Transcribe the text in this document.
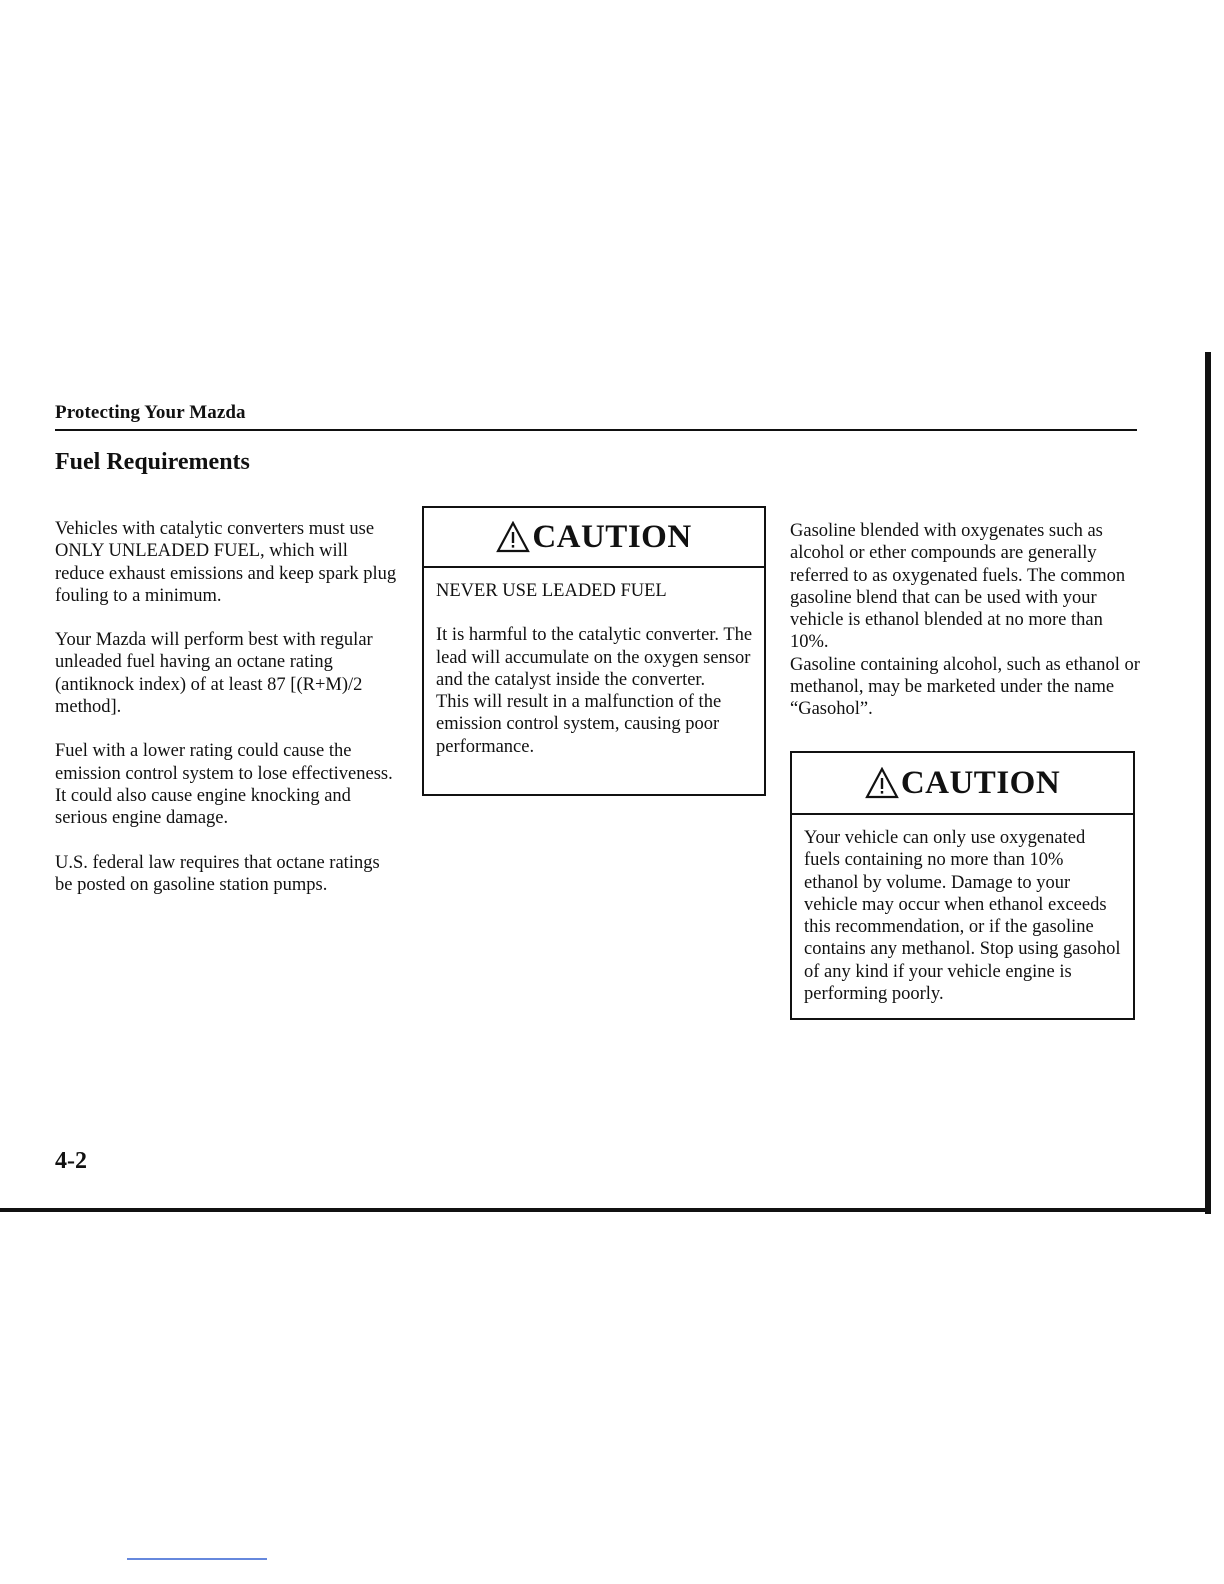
Protecting Your Mazda
Fuel Requirements

Vehicles with catalytic converters must use ONLY UNLEADED FUEL, which will reduce exhaust emissions and keep spark plug fouling to a minimum.

Your Mazda will perform best with regular unleaded fuel having an octane rating (antiknock index) of at least 87 [(R+M)/2 method].

Fuel with a lower rating could cause the emission control system to lose effectiveness. It could also cause engine knocking and serious engine damage.

U.S. federal law requires that octane ratings be posted on gasoline station pumps.

CAUTION

NEVER USE LEADED FUEL

It is harmful to the catalytic converter. The lead will accumulate on the oxygen sensor and the catalyst inside the converter.

This will result in a malfunction of the emission control system, causing poor performance.

Gasoline blended with oxygenates such as alcohol or ether compounds are generally referred to as oxygenated fuels. The common gasoline blend that can be used with your vehicle is ethanol blended at no more than 10%.

Gasoline containing alcohol, such as ethanol or methanol, may be marketed under the name “Gasohol”.

CAUTION

Your vehicle can only use oxygenated fuels containing no more than 10% ethanol by volume. Damage to your vehicle may occur when ethanol exceeds this recommendation, or if the gasoline contains any methanol. Stop using gasohol of any kind if your vehicle engine is performing poorly.

4-2
